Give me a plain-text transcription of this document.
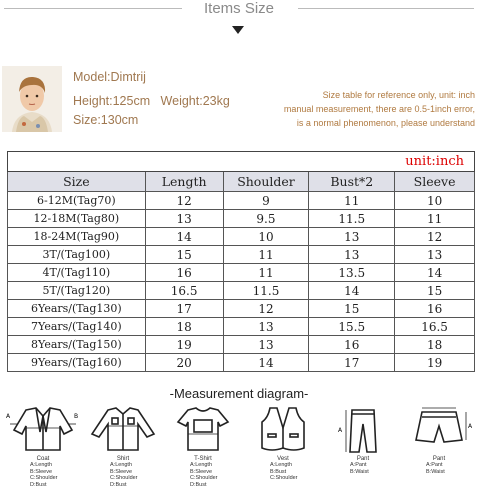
Items Size
Model:Dimtrij
Height:125cm Weight:23kg
Size:130cm
Size table for reference only, unit: inch
manual measurement, there are 0.5-1inch error,
is a normal phenomenon, please understand
unit:inch				
Size	Length	Shoulder	Bust*2	Sleeve
6-12M(Tag70)	12	9	11	10
12-18M(Tag80)	13	9.5	11.5	11
18-24M(Tag90)	14	10	13	12
3T/(Tag100)	15	11	13	13
4T/(Tag110)	16	11	13.5	14
5T/(Tag120)	16.5	11.5	14	15
6Years/(Tag130)	17	12	15	16
7Years/(Tag140)	18	13	15.5	16.5
8Years/(Tag150)	19	13	16	18
9Years/(Tag160)	20	14	17	19
-Measurement diagram-
A	B
Coat
A:Length
B:Sleeve
C:Shoulder
D:Bust
Shirt
A:Length
B:Sleeve
C:Shoulder
D:Bust
T-Shirt
A:Length
B:Sleeve
C:Shoulder
D:Bust
Vest
A:Length
B:Bust
C:Shoulder
A
Pant
A:Pant
B:Waist
A
Pant
A:Pant
B:Waist
